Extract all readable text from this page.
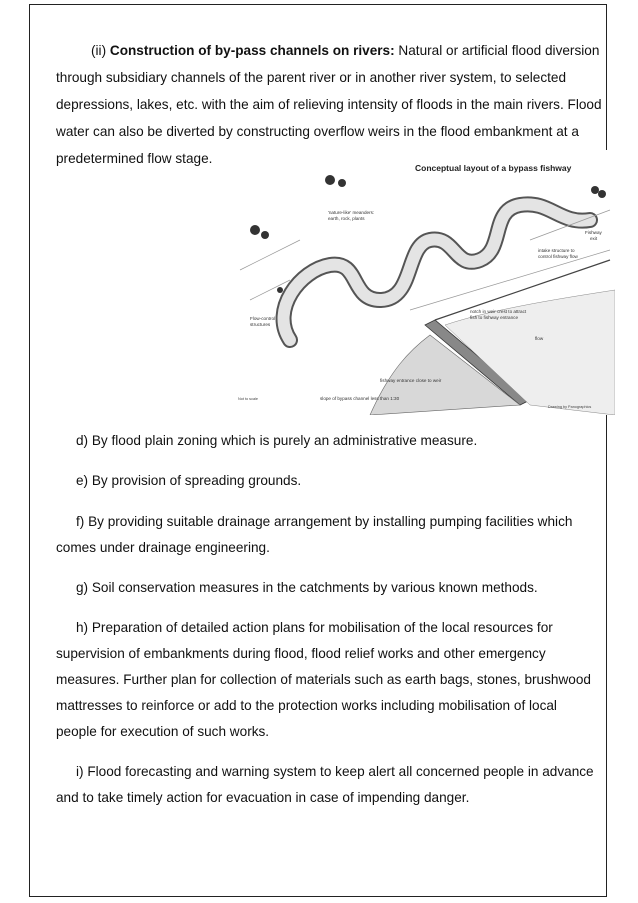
(ii) Construction of by-pass channels on rivers: Natural or artificial flood diversion

through subsidiary channels of the parent river or in another river system, to selected

depressions, lakes, etc. with the aim of relieving intensity of floods in the main rivers. Flood

water can also be diverted by constructing overflow weirs in the flood embankment at a

predetermined flow stage.

Conceptual layout of a bypass fishway
'nature-like' meanders:
earth, rock, plants
Fishway
exit
intake structure to
control fishway flow
notch in weir crest to attract
fish to fishway entrance
flow
Flow-control
structures
fishway entrance close to weir
slope of bypass channel less than 1:30
Not to scale
Drawing by Panographics

d) By flood plain zoning which is purely an administrative measure.

e) By provision of spreading grounds.

f) By providing suitable drainage arrangement by installing pumping facilities which

comes under drainage engineering.

g) Soil conservation measures in the catchments by various known methods.

h) Preparation of detailed action plans for mobilisation of the local resources for

supervision of embankments during flood, flood relief works and other emergency

measures. Further plan for collection of materials such as earth bags, stones, brushwood

mattresses to reinforce or add to the protection works including mobilisation of local

people for execution of such works.

i) Flood forecasting and warning system to keep alert all concerned people in advance

and to take timely action for evacuation in case of impending danger.
